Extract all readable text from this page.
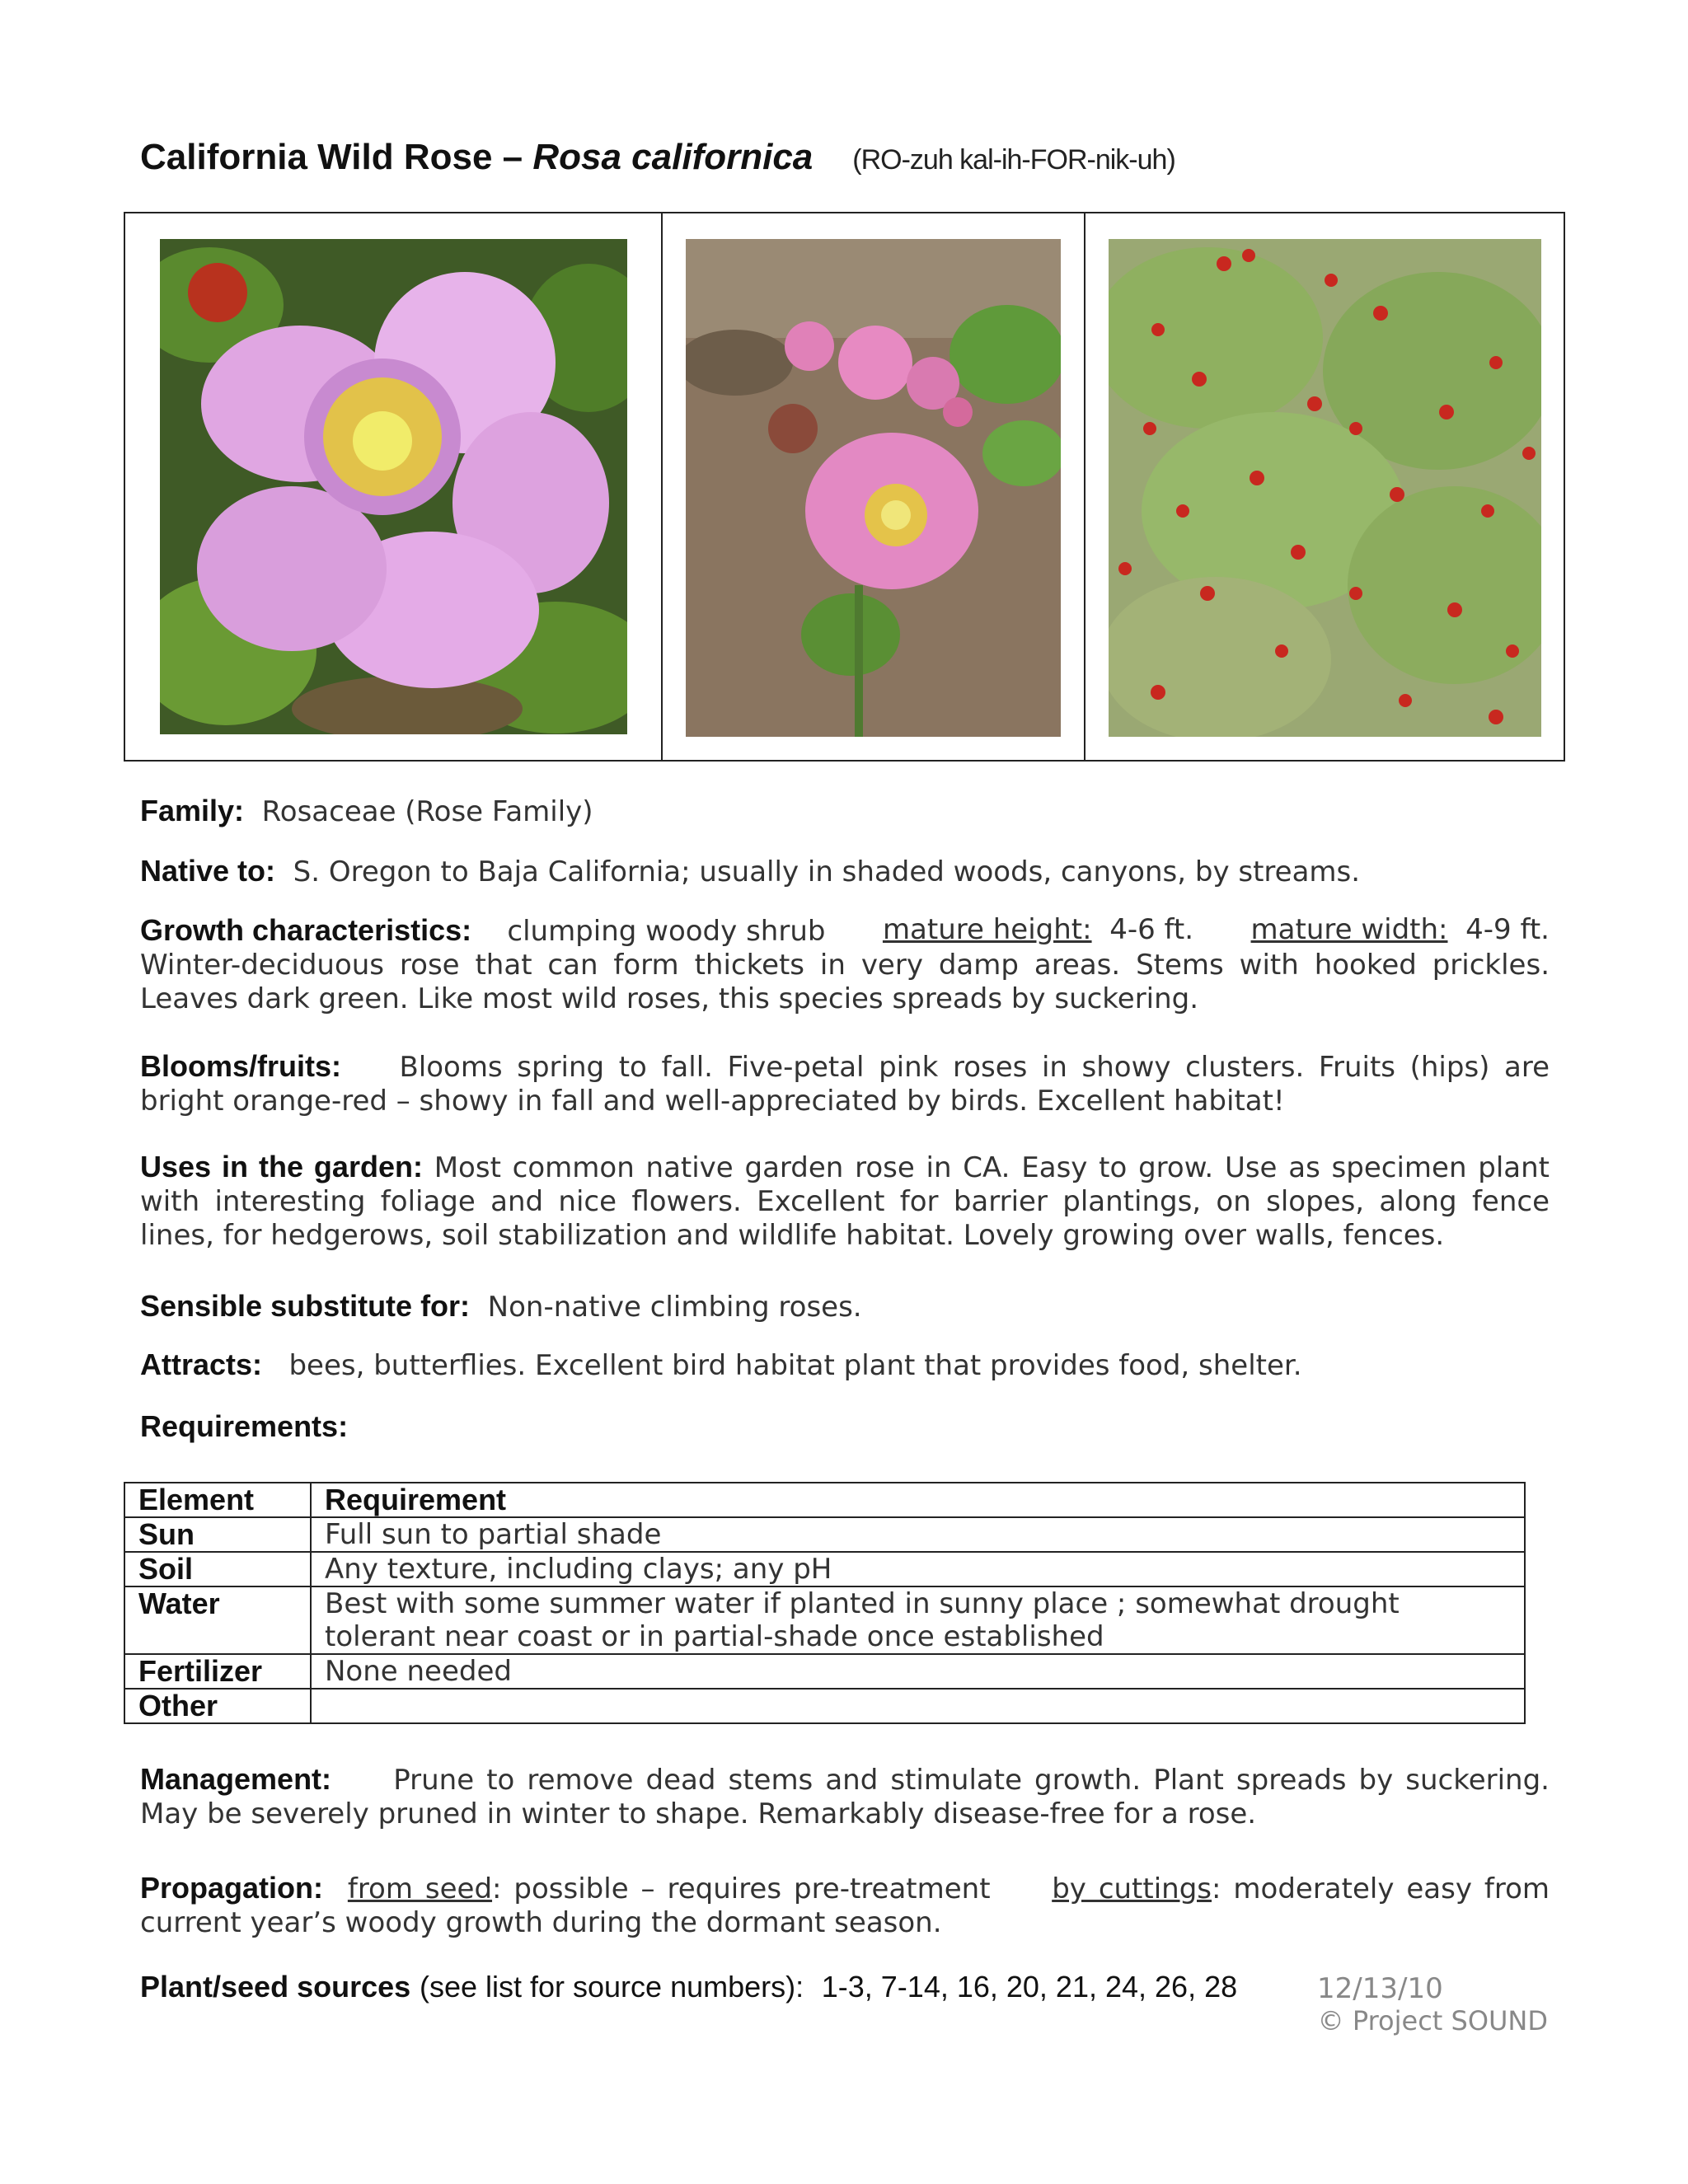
California Wild Rose – Rosa californica (RO-zuh kal-ih-FOR-nik-uh)
Family: Rosaceae (Rose Family)
Native to: S. Oregon to Baja California; usually in shaded woods, canyons, by streams.
Growth characteristics: clumping woody shrub mature height: 4-6 ft. mature width: 4-9 ft.
Winter-deciduous rose that can form thickets in very damp areas. Stems with hooked prickles. Leaves dark green. Like most wild roses, this species spreads by suckering.
Blooms/fruits: Blooms spring to fall. Five-petal pink roses in showy clusters. Fruits (hips) are bright orange-red – showy in fall and well-appreciated by birds. Excellent habitat!
Uses in the garden: Most common native garden rose in CA. Easy to grow. Use as specimen plant with interesting foliage and nice flowers. Excellent for barrier plantings, on slopes, along fence lines, for hedgerows, soil stabilization and wildlife habitat. Lovely growing over walls, fences.
Sensible substitute for: Non-native climbing roses.
Attracts: bees, butterflies. Excellent bird habitat plant that provides food, shelter.
Requirements:
Element	Requirement
Sun	Full sun to partial shade
Soil	Any texture, including clays; any pH
Water	Best with some summer water if planted in sunny place ; somewhat drought tolerant near coast or in partial-shade once established
Fertilizer	None needed
Other	
Management: Prune to remove dead stems and stimulate growth. Plant spreads by suckering. May be severely pruned in winter to shape. Remarkably disease-free for a rose.
Propagation: from seed: possible – requires pre-treatment by cuttings: moderately easy from current year’s woody growth during the dormant season.
Plant/seed sources (see list for source numbers): 1-3, 7-14, 16, 20, 21, 24, 26, 28	12/13/10
© Project SOUND
